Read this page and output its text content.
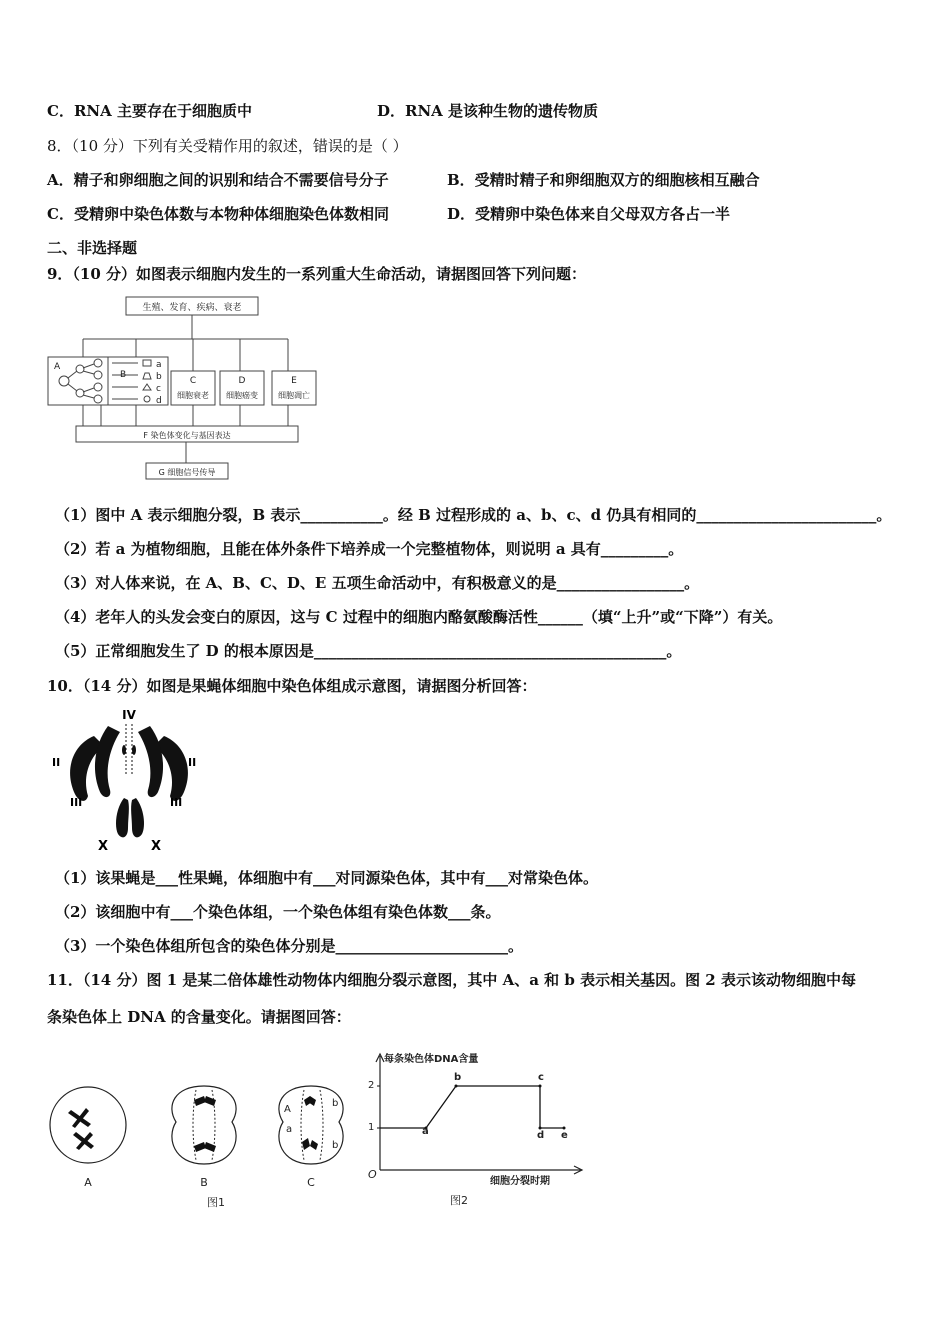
C．RNA 主要存在于细胞质中	D．RNA 是该种生物的遗传物质
8．（10 分）下列有关受精作用的叙述，错误的是（ ）
A．精子和卵细胞之间的识别和结合不需要信号分子	B．受精时精子和卵细胞双方的细胞核相互融合
C．受精卵中染色体数与本物种体细胞染色体数相同	D．受精卵中染色体来自父母双方各占一半
二、非选择题
9．（10 分）如图表示细胞内发生的一系列重大生命活动，请据图回答下列问题：
生殖、发育、疾病、衰老
A
B
a
b
c
d
C
细胞衰老
D
细胞癌变
E
细胞凋亡
F 染色体变化与基因表达
G 细胞信号传导
（1）图中 A 表示细胞分裂，B 表示___________。经 B 过程形成的 a、b、c、d 仍具有相同的________________________。
（2）若 a 为植物细胞，且能在体外条件下培养成一个完整植物体，则说明 a 具有_________。
（3）对人体来说，在 A、B、C、D、E 五项生命活动中，有积极意义的是_________________。
（4）老年人的头发会变白的原因，这与 C 过程中的细胞内酪氨酸酶活性______（填“上升”或“下降”）有关。
（5）正常细胞发生了 D 的根本原因是_______________________________________________。
10．（14 分）如图是果蝇体细胞中染色体组成示意图，请据图分析回答：
IV
II
III
II
III
X	X
（1）该果蝇是___性果蝇，体细胞中有___对同源染色体，其中有___对常染色体。
（2）该细胞中有___个染色体组，一个染色体组有染色体数___条。
（3）一个染色体组所包含的染色体分别是_______________________。
11．（14 分）图 1 是某二倍体雄性动物体内细胞分裂示意图，其中 A、a 和 b 表示相关基因。图 2 表示该动物细胞中每
条染色体上 DNA 的含量变化。请据图回答：
A	B	C
图1
A
a
b
b
每条染色体DNA含量
2
1
O
细胞分裂时期
a
b	c
d e
图2
